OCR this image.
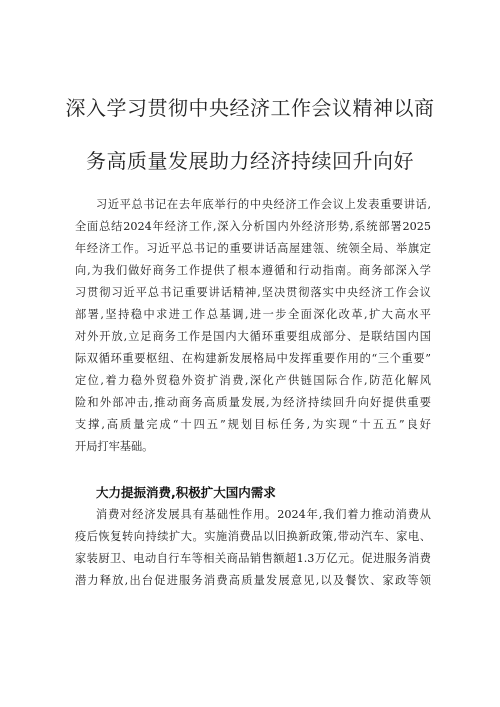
深入学习贯彻中央经济工作会议精神以商
务高质量发展助力经济持续回升向好
习近平总书记在去年底举行的中央经济工作会议上发表重要讲话,
全面总结2024年经济工作,深入分析国内外经济形势,系统部署2025
年经济工作。习近平总书记的重要讲话高屋建瓴、统领全局、举旗定
向,为我们做好商务工作提供了根本遵循和行动指南。商务部深入学
习贯彻习近平总书记重要讲话精神,坚决贯彻落实中央经济工作会议
部署,坚持稳中求进工作总基调,进一步全面深化改革,扩大高水平
对外开放,立足商务工作是国内大循环重要组成部分、是联结国内国
际双循环重要枢纽、在构建新发展格局中发挥重要作用的“三个重要”
定位,着力稳外贸稳外资扩消费,深化产供链国际合作,防范化解风
险和外部冲击,推动商务高质量发展,为经济持续回升向好提供重要
支撑,高质量完成“十四五”规划目标任务,为实现“十五五”良好
开局打牢基础。
大力提振消费,积极扩大国内需求
消费对经济发展具有基础性作用。2024年,我们着力推动消费从
疫后恢复转向持续扩大。实施消费品以旧换新政策,带动汽车、家电、
家装厨卫、电动自行车等相关商品销售额超1.3万亿元。促进服务消费
潜力释放,出台促进服务消费高质量发展意见,以及餐饮、家政等领
